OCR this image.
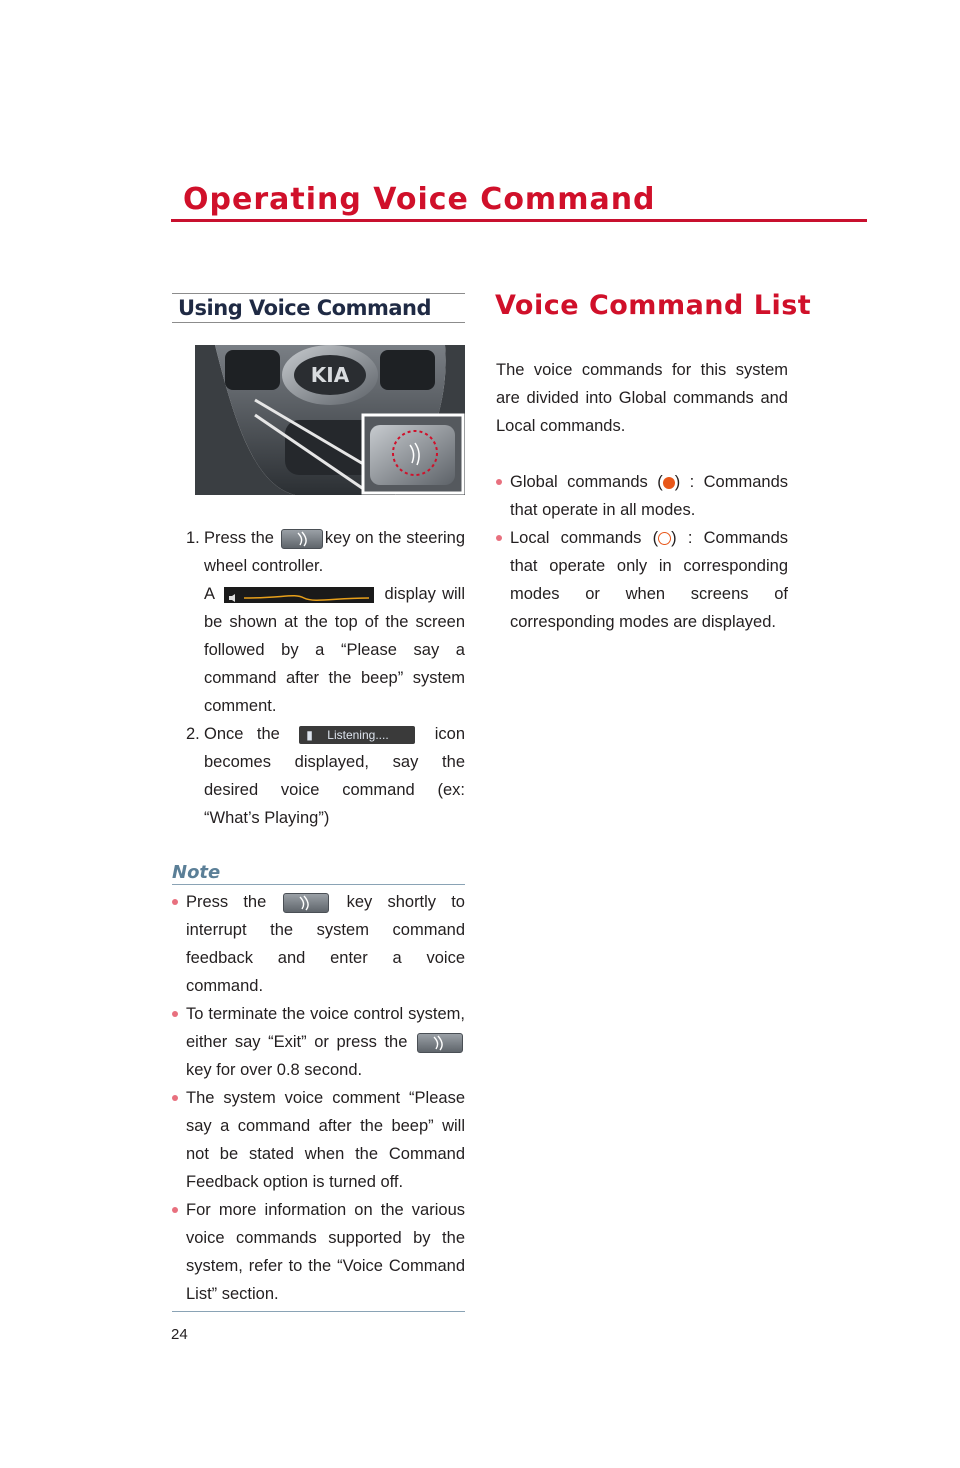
Operating Voice Command
Using Voice Command
KIA
1. Press the	key on the steering wheel controller.
A	display will be shown at the top of the screen followed by a “Please say a command after the beep” system comment.
2. Once the ▮ Listening....	icon becomes displayed, say the desired voice command (ex: “What’s Playing”)
Note
Press the	key shortly to interrupt the system command feedback and enter a voice command.
To terminate the voice control system, either say “Exit” or press the
key for over 0.8 second.
The system voice comment “Please say a command after the beep” will not be stated when the Command Feedback option is turned off.
For more information on the various voice commands supported by the system, refer to the “Voice Command List” section.
Voice Command List
The voice commands for this system are divided into Global commands and Local commands.
Global commands ( ) : Commands that operate in all modes.
Local commands ( ) : Commands that operate only in corresponding modes or when screens of corresponding modes are displayed.
24
